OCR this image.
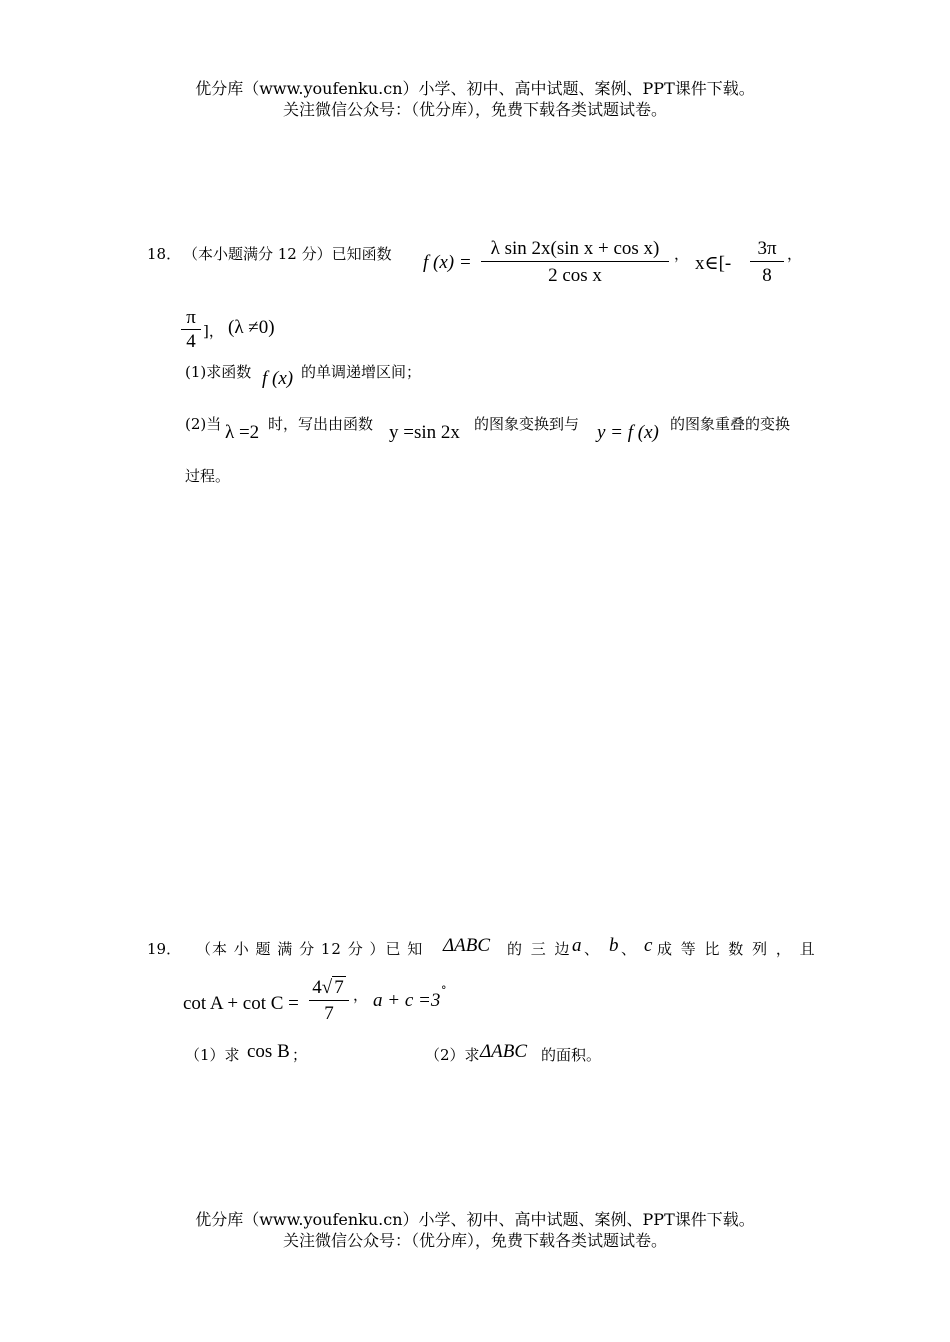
优分库（www.youfenku.cn）小学、初中、高中试题、案例、PPT课件下载。
关注微信公众号：（优分库），免费下载各类试题试卷。
18． （本小题满分 12 分）已知函数 f (x) =
λ sin 2x(sin x + cos x)
2 cos x
， x∈[-
3π
8
，
π
4 ]， (λ ≠0)
(1)求函数 f (x) 的单调递增区间；
(2)当 λ =2 时，写出由函数 y =sin 2x 的图象变换到与 y = f (x) 的图象重叠的变换
过程。
19． （本 小 题 满 分 12 分 ）已 知 ΔABC 的 三 边 a 、 b 、 c 成 等 比 数 列 ， 且
cot A + cot C =
4√ 7
7
， a + c =3 °
（1）求 cos B ；	（2）求 ΔABC 的面积。
优分库（www.youfenku.cn）小学、初中、高中试题、案例、PPT课件下载。
关注微信公众号：（优分库），免费下载各类试题试卷。
